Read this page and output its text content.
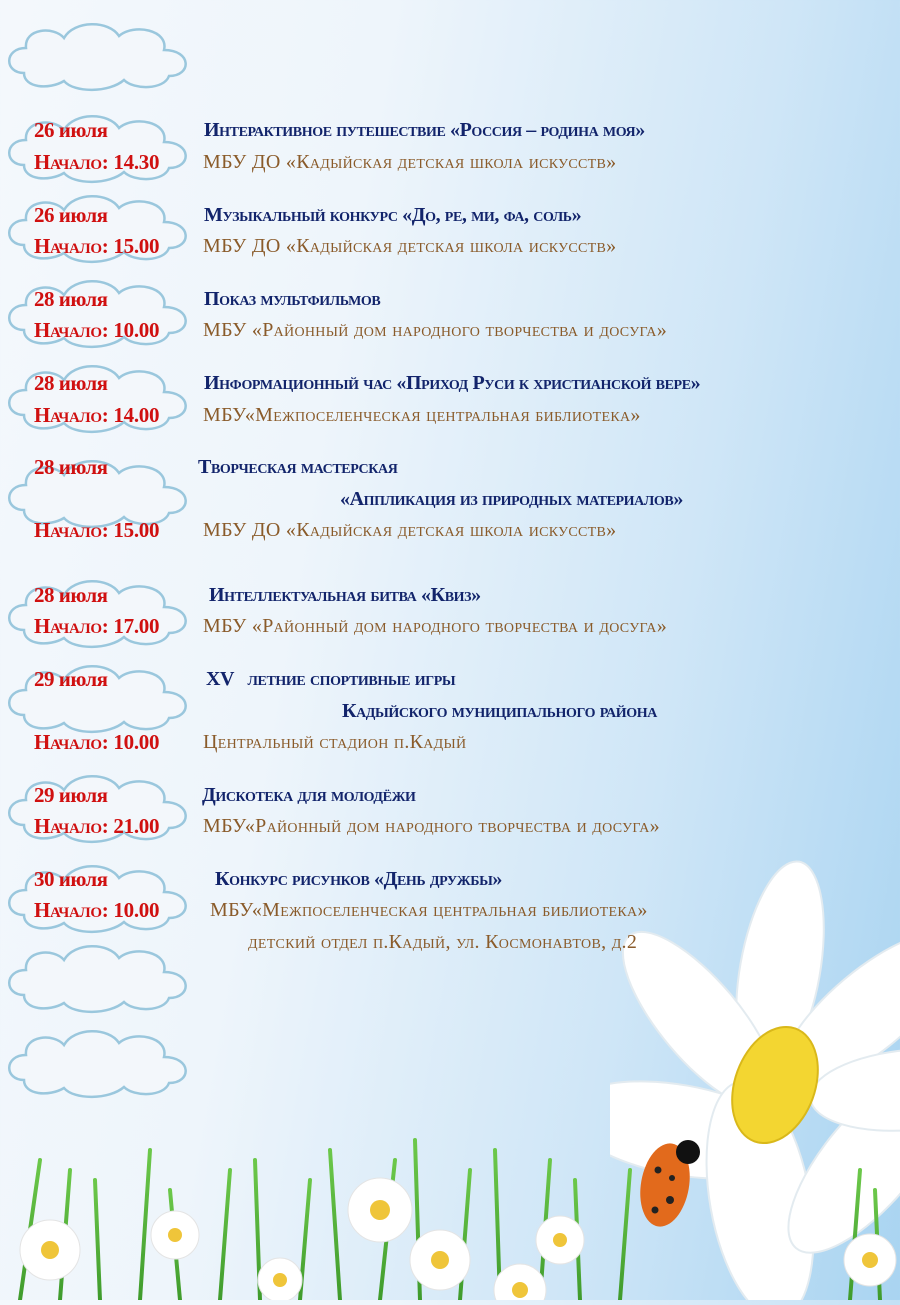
26 июля	Интерактивное путешествие «Россия – родина моя»
Начало: 14.30 МБУ ДО «Кадыйская детская школа искусств»
26 июля	Музыкальный конкурс «До, ре, ми, фа, соль»
Начало: 15.00 МБУ ДО «Кадыйская детская школа искусств»
28 июля	Показ мультфильмов
Начало: 10.00 МБУ «Районный дом народного творчества и досуга»
28 июля	Информационный час «Приход Руси к христианской вере»
Начало: 14.00 МБУ«Межпоселенческая центральная библиотека»
28 июля	Творческая мастерская
«Аппликация из природных материалов»
Начало: 15.00 МБУ ДО «Кадыйская детская школа искусств»
28 июля	Интеллектуальная битва «Квиз»
Начало: 17.00 МБУ «Районный дом народного творчества и досуга»
29 июля	XV   летние спортивные игры
Кадыйского муниципального района
Начало: 10.00 Центральный стадион п.Кадый
29 июля	Дискотека для молодёжи
Начало: 21.00 МБУ«Районный дом народного творчества и досуга»
30 июля	Конкурс рисунков «День дружбы»
Начало: 10.00	МБУ«Межпоселенческая центральная библиотека»
детский отдел п.Кадый, ул. Космонавтов, д.2
